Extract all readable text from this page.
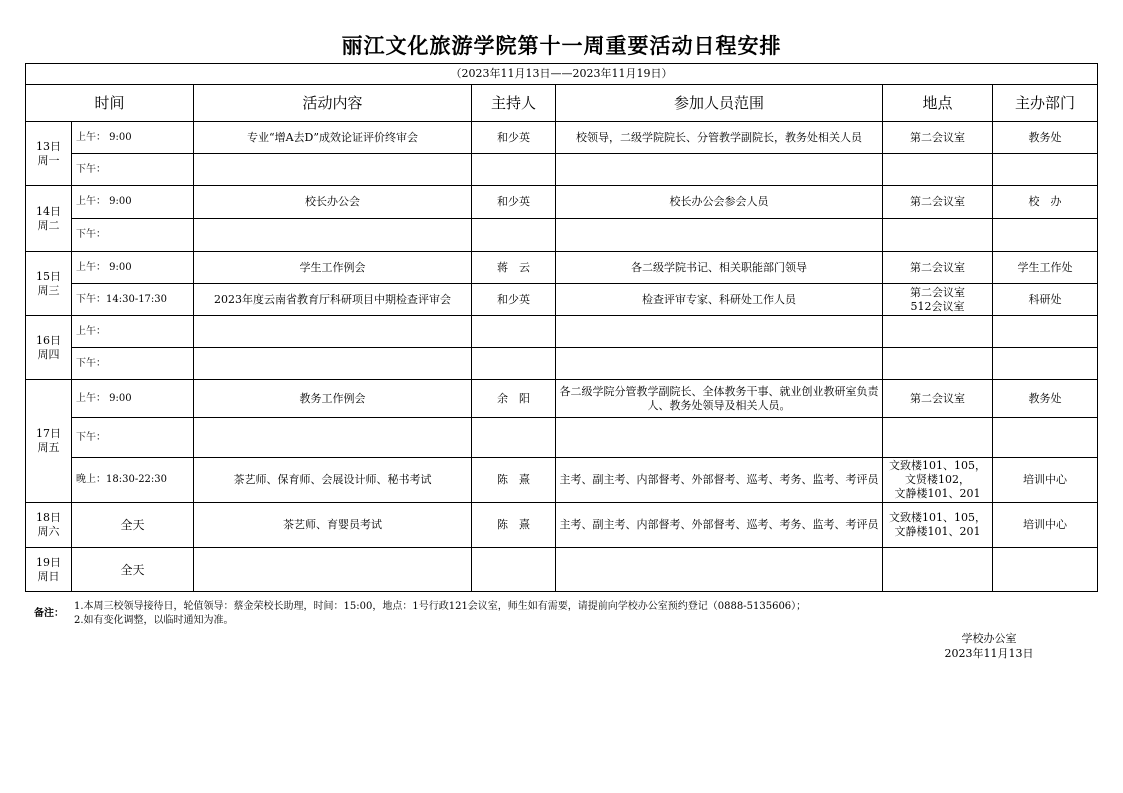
丽江文化旅游学院第十一周重要活动日程安排
（2023年11月13日——2023年11月19日）						
时间		活动内容	主持人	参加人员范围	地点	主办部门
13日
周一	上午： 9:00	专业“增A去D”成效论证评价终审会	和少英	校领导，二级学院院长、分管教学副院长，教务处相关人员	第二会议室	教务处
	下午：					
14日
周二	上午： 9:00	校长办公会	和少英	校长办公会参会人员	第二会议室	校　办
	下午：					
15日
周三	上午： 9:00	学生工作例会	蒋　云	各二级学院书记、相关职能部门领导	第二会议室	学生工作处
	下午：14:30-17:30	2023年度云南省教育厅科研项目中期检查评审会	和少英	检查评审专家、科研处工作人员	第二会议室
512会议室	科研处
16日
周四	上午：					
	下午：					
17日
周五	上午： 9:00	教务工作例会	余　阳	各二级学院分管教学副院长、全体教务干事、就业创业教研室负责人、教务处领导及相关人员。	第二会议室	教务处
	下午：					
	晚上：18:30-22:30	茶艺师、保育师、会展设计师、秘书考试	陈　熹	主考、副主考、内部督考、外部督考、巡考、考务、监考、考评员	文致楼101、105，
文贤楼102，
文静楼101、201	培训中心
18日
周六	全天	茶艺师、育婴员考试	陈　熹	主考、副主考、内部督考、外部督考、巡考、考务、监考、考评员	文致楼101、105，
文静楼101、201	培训中心
19日
周日	全天					
备注：
1.本周三校领导接待日，轮值领导：蔡金荣校长助理，时间：15:00，地点：1号行政121会议室，师生如有需要，请提前向学校办公室预约登记（0888-5135606）；
2.如有变化调整，以临时通知为准。
学校办公室
2023年11月13日
